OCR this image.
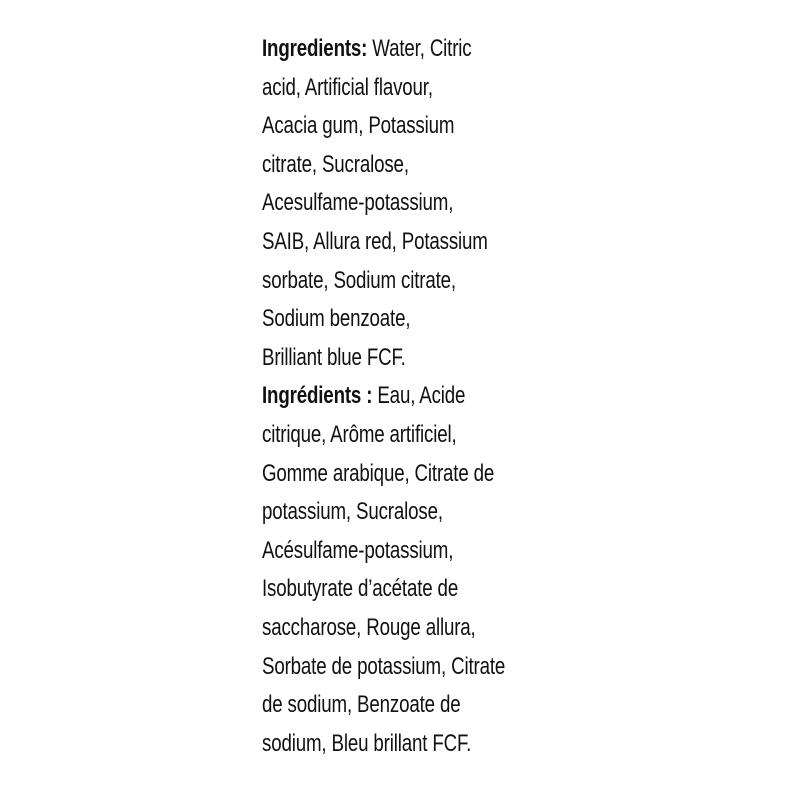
Ingredients: Water, Citric
acid, Artificial flavour,
Acacia gum, Potassium
citrate, Sucralose,
Acesulfame-potassium,
SAIB, Allura red, Potassium
sorbate, Sodium citrate,
Sodium benzoate,
Brilliant blue FCF.
Ingrédients : Eau, Acide
citrique, Arôme artificiel,
Gomme arabique, Citrate de
potassium, Sucralose,
Acésulfame-potassium,
Isobutyrate d’acétate de
saccharose, Rouge allura,
Sorbate de potassium, Citrate
de sodium, Benzoate de
sodium, Bleu brillant FCF.
